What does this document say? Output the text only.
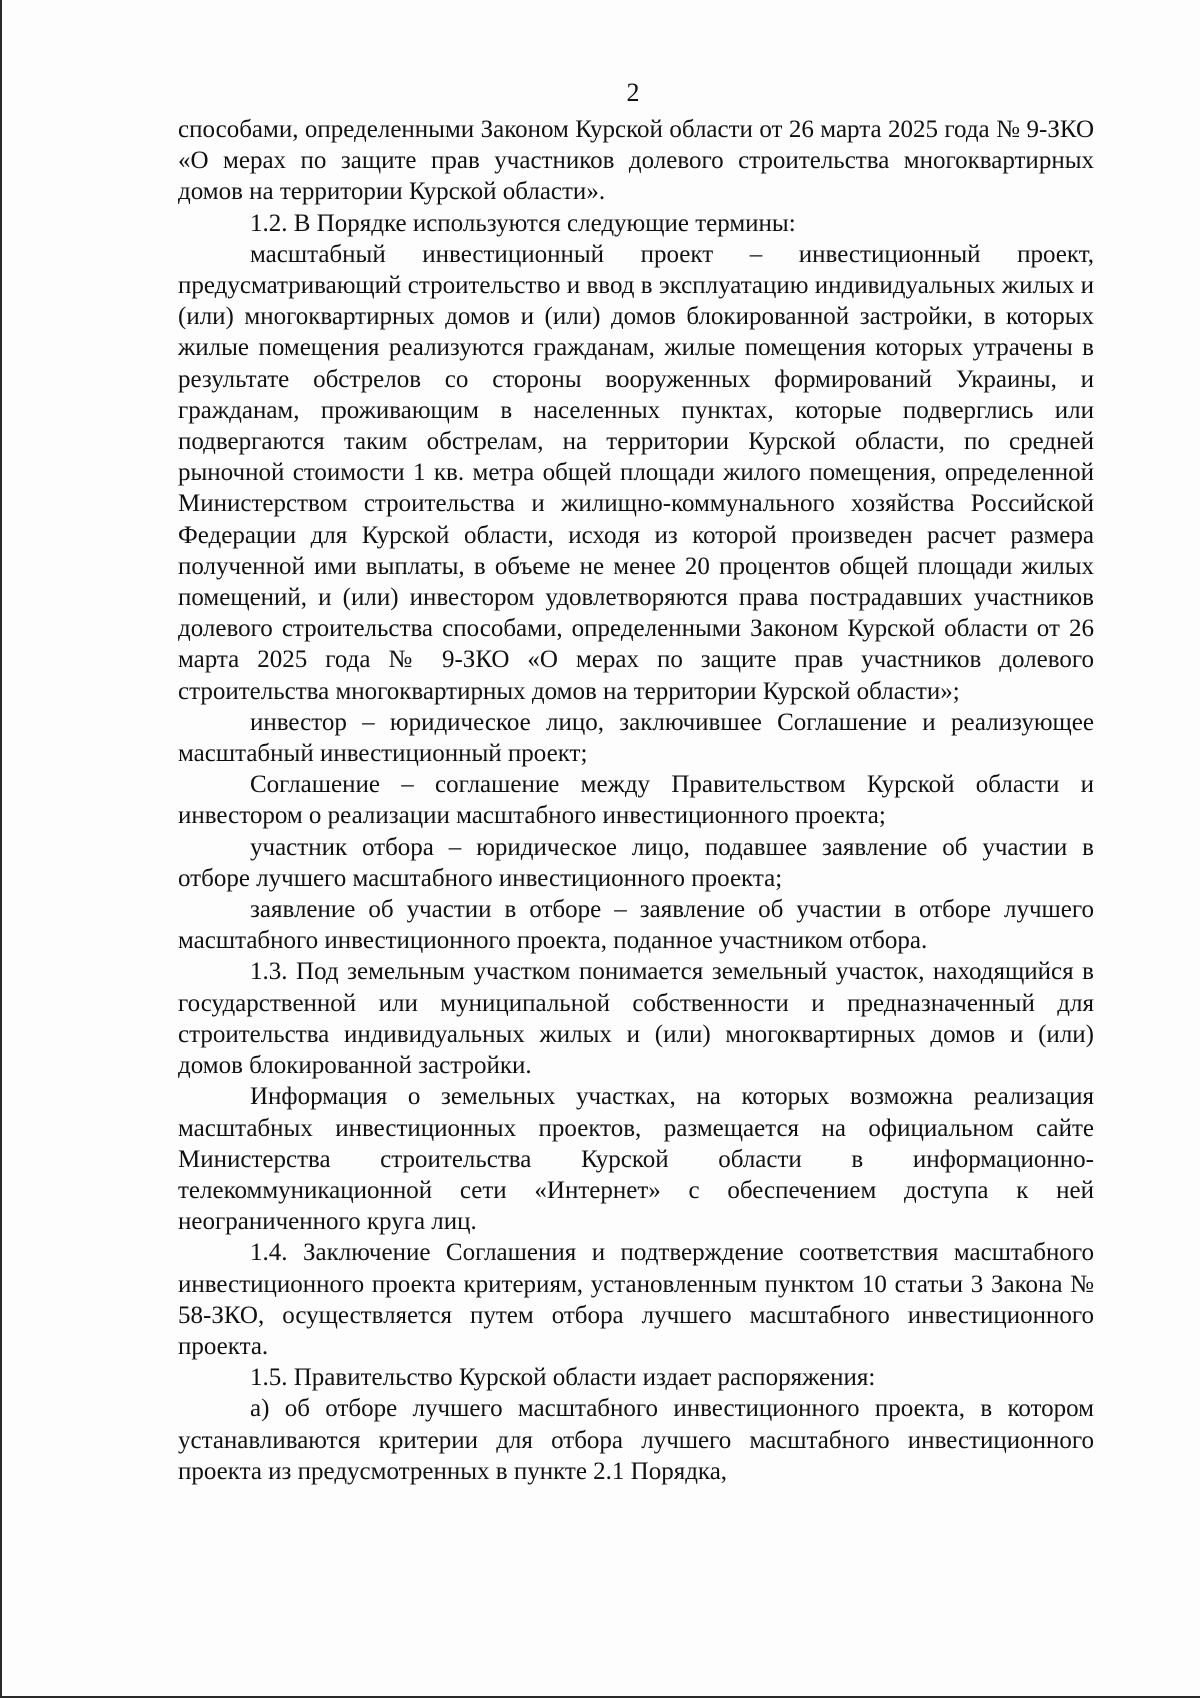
2

способами, определенными Законом Курской области от 26 марта 2025 года № 9-ЗКО «О мерах по защите прав участников долевого строительства многоквартирных домов на территории Курской области».

1.2. В Порядке используются следующие термины:

масштабный инвестиционный проект – инвестиционный проект, предусматривающий строительство и ввод в эксплуатацию индивидуальных жилых и (или) многоквартирных домов и (или) домов блокированной застройки, в которых жилые помещения реализуются гражданам, жилые помещения которых утрачены в результате обстрелов со стороны вооруженных формирований Украины, и гражданам, проживающим в населенных пунктах, которые подверглись или подвергаются таким обстрелам, на территории Курской области, по средней рыночной стоимости 1 кв. метра общей площади жилого помещения, определенной Министерством строительства и жилищно-коммунального хозяйства Российской Федерации для Курской области, исходя из которой произведен расчет размера полученной ими выплаты, в объеме не менее 20 процентов общей площади жилых помещений, и (или) инвестором удовлетворяются права пострадавших участников долевого строительства способами, определенными Законом Курской области от 26 марта 2025 года № 9-ЗКО «О мерах по защите прав участников долевого строительства многоквартирных домов на территории Курской области»;

инвестор – юридическое лицо, заключившее Соглашение и реализующее масштабный инвестиционный проект;

Соглашение – соглашение между Правительством Курской области и инвестором о реализации масштабного инвестиционного проекта;

участник отбора – юридическое лицо, подавшее заявление об участии в отборе лучшего масштабного инвестиционного проекта;

заявление об участии в отборе – заявление об участии в отборе лучшего масштабного инвестиционного проекта, поданное участником отбора.

1.3. Под земельным участком понимается земельный участок, находящийся в государственной или муниципальной собственности и предназначенный для строительства индивидуальных жилых и (или) многоквартирных домов и (или) домов блокированной застройки.

Информация о земельных участках, на которых возможна реализация масштабных инвестиционных проектов, размещается на официальном сайте Министерства строительства Курской области в информационно-телекоммуникационной сети «Интернет» с обеспечением доступа к ней неограниченного круга лиц.

1.4. Заключение Соглашения и подтверждение соответствия масштабного инвестиционного проекта критериям, установленным пунктом 10 статьи 3 Закона № 58-ЗКО, осуществляется путем отбора лучшего масштабного инвестиционного проекта.

1.5. Правительство Курской области издает распоряжения:

а) об отборе лучшего масштабного инвестиционного проекта, в котором устанавливаются критерии для отбора лучшего масштабного инвестиционного проекта из предусмотренных в пункте 2.1 Порядка,
